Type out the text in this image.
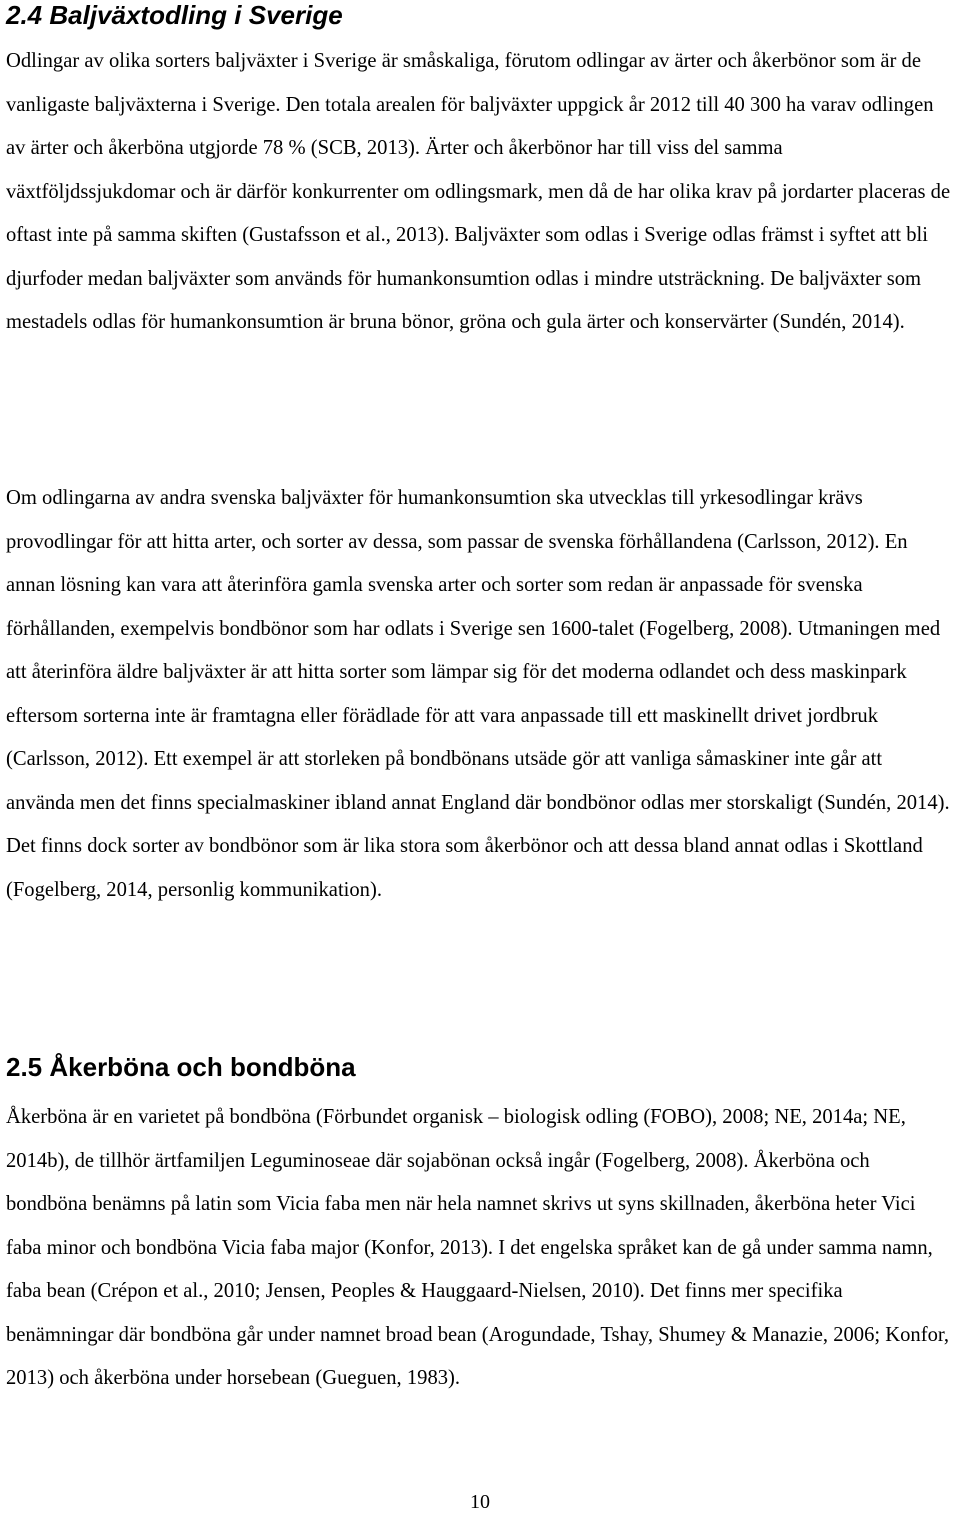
2.4 Baljväxtodling i Sverige

Odlingar av olika sorters baljväxter i Sverige är småskaliga, förutom odlingar av ärter och åkerbönor som är de vanligaste baljväxterna i Sverige. Den totala arealen för baljväxter uppgick år 2012 till 40 300 ha varav odlingen av ärter och åkerböna utgjorde 78 % (SCB, 2013). Ärter och åkerbönor har till viss del samma växtföljdssjukdomar och är därför konkurrenter om odlingsmark, men då de har olika krav på jordarter placeras de oftast inte på samma skiften (Gustafsson et al., 2013). Baljväxter som odlas i Sverige odlas främst i syftet att bli djurfoder medan baljväxter som används för humankonsumtion odlas i mindre utsträckning. De baljväxter som mestadels odlas för humankonsumtion är bruna bönor, gröna och gula ärter och konservärter (Sundén, 2014).

Om odlingarna av andra svenska baljväxter för humankonsumtion ska utvecklas till yrkesodlingar krävs provodlingar för att hitta arter, och sorter av dessa, som passar de svenska förhållandena (Carlsson, 2012). En annan lösning kan vara att återinföra gamla svenska arter och sorter som redan är anpassade för svenska förhållanden, exempelvis bondbönor som har odlats i Sverige sen 1600-talet (Fogelberg, 2008). Utmaningen med att återinföra äldre baljväxter är att hitta sorter som lämpar sig för det moderna odlandet och dess maskinpark eftersom sorterna inte är framtagna eller förädlade för att vara anpassade till ett maskinellt drivet jordbruk (Carlsson, 2012). Ett exempel är att storleken på bondbönans utsäde gör att vanliga såmaskiner inte går att använda men det finns specialmaskiner ibland annat England där bondbönor odlas mer storskaligt (Sundén, 2014). Det finns dock sorter av bondbönor som är lika stora som åkerbönor och att dessa bland annat odlas i Skottland (Fogelberg, 2014, personlig kommunikation).

2.5 Åkerböna och bondböna

Åkerböna är en varietet på bondböna (Förbundet organisk – biologisk odling (FOBO), 2008; NE, 2014a; NE, 2014b), de tillhör ärtfamiljen Leguminoseae där sojabönan också ingår (Fogelberg, 2008). Åkerböna och bondböna benämns på latin som Vicia faba men när hela namnet skrivs ut syns skillnaden, åkerböna heter Vici faba minor och bondböna Vicia faba major (Konfor, 2013). I det engelska språket kan de gå under samma namn, faba bean (Crépon et al., 2010; Jensen, Peoples & Hauggaard-Nielsen, 2010). Det finns mer specifika benämningar där bondböna går under namnet broad bean (Arogundade, Tshay, Shumey & Manazie, 2006; Konfor, 2013) och åkerböna under horsebean (Gueguen, 1983).

10
